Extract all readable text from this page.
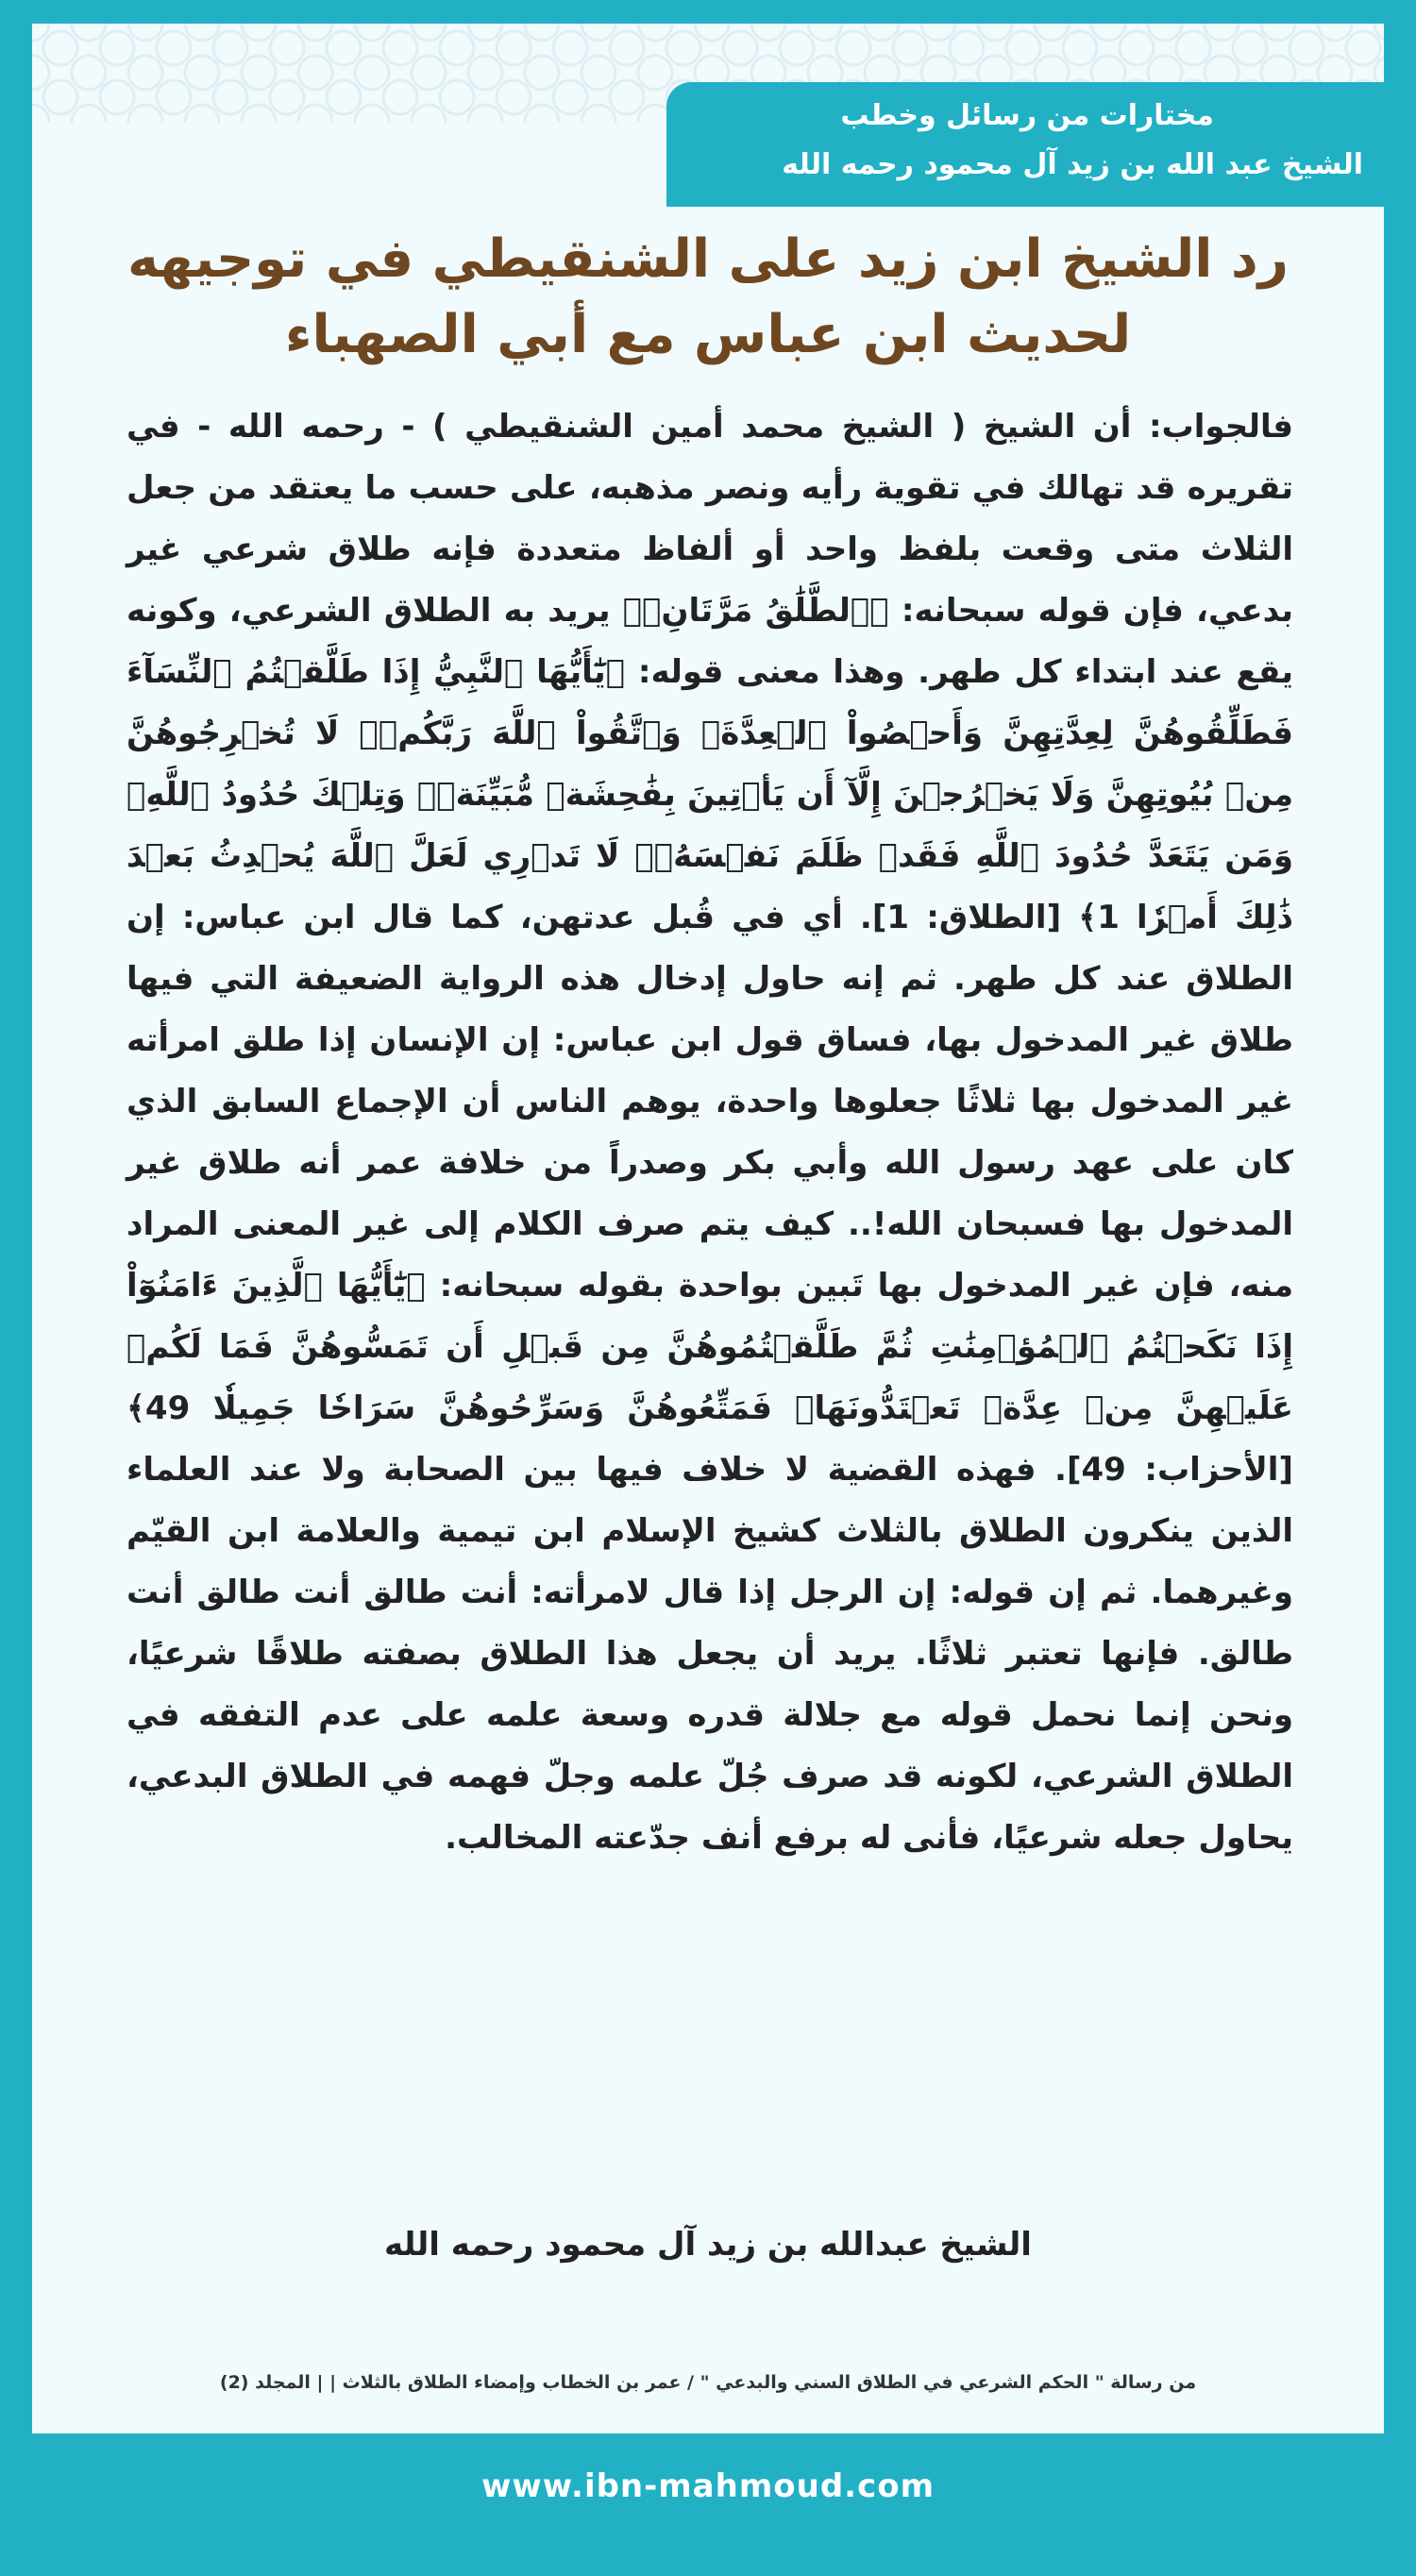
مختارات من رسائل وخطب
الشيخ عبد الله بن زيد آل محمود رحمه الله
رد الشيخ ابن زيد على الشنقيطي في توجيهه لحديث ابن عباس مع أبي الصهباء
فالجواب: أن الشيخ ( الشيخ محمد أمين الشنقيطي ) - رحمه الله - في تقريره قد تهالك في تقوية رأيه ونصر مذهبه، على حسب ما يعتقد من جعل الثلاث متى وقعت بلفظ واحد أو ألفاظ متعددة فإنه طلاق شرعي غير بدعي، فإن قوله سبحانه: ﴿ٱلطَّلَٰقُ مَرَّتَانِۖ﴾ يريد به الطلاق الشرعي، وكونه يقع عند ابتداء كل طهر. وهذا معنى قوله: ﴿يَٰٓأَيُّهَا ٱلنَّبِيُّ إِذَا طَلَّقۡتُمُ ٱلنِّسَآءَ فَطَلِّقُوهُنَّ لِعِدَّتِهِنَّ وَأَحۡصُواْ ٱلۡعِدَّةَۖ وَٱتَّقُواْ ٱللَّهَ رَبَّكُمۡۖ لَا تُخۡرِجُوهُنَّ مِنۢ بُيُوتِهِنَّ وَلَا يَخۡرُجۡنَ إِلَّآ أَن يَأۡتِينَ بِفَٰحِشَةٖ مُّبَيِّنَةٖۚ وَتِلۡكَ حُدُودُ ٱللَّهِۚ وَمَن يَتَعَدَّ حُدُودَ ٱللَّهِ فَقَدۡ ظَلَمَ نَفۡسَهُۥۚ لَا تَدۡرِي لَعَلَّ ٱللَّهَ يُحۡدِثُ بَعۡدَ ذَٰلِكَ أَمۡرٗا 1﴾ [الطلاق: 1]. أي في قُبل عدتهن، كما قال ابن عباس: إن الطلاق عند كل طهر. ثم إنه حاول إدخال هذه الرواية الضعيفة التي فيها طلاق غير المدخول بها، فساق قول ابن عباس: إن الإنسان إذا طلق امرأته غير المدخول بها ثلاثًا جعلوها واحدة، يوهم الناس أن الإجماع السابق الذي كان على عهد رسول الله وأبي بكر وصدراً من خلافة عمر أنه طلاق غير المدخول بها فسبحان الله!.. كيف يتم صرف الكلام إلى غير المعنى المراد منه، فإن غير المدخول بها تَبين بواحدة بقوله سبحانه: ﴿يَٰٓأَيُّهَا ٱلَّذِينَ ءَامَنُوٓاْ إِذَا نَكَحۡتُمُ ٱلۡمُؤۡمِنَٰتِ ثُمَّ طَلَّقۡتُمُوهُنَّ مِن قَبۡلِ أَن تَمَسُّوهُنَّ فَمَا لَكُمۡ عَلَيۡهِنَّ مِنۡ عِدَّةٖ تَعۡتَدُّونَهَاۖ فَمَتِّعُوهُنَّ وَسَرِّحُوهُنَّ سَرَاحٗا جَمِيلٗا 49﴾ [الأحزاب: 49]. فهذه القضية لا خلاف فيها بين الصحابة ولا عند العلماء الذين ينكرون الطلاق بالثلاث كشيخ الإسلام ابن تيمية والعلامة ابن القيّم وغيرهما. ثم إن قوله: إن الرجل إذا قال لامرأته: أنت طالق أنت طالق أنت طالق. فإنها تعتبر ثلاثًا. يريد أن يجعل هذا الطلاق بصفته طلاقًا شرعيًا، ونحن إنما نحمل قوله مع جلالة قدره وسعة علمه على عدم التفقه في الطلاق الشرعي، لكونه قد صرف جُلّ علمه وجلّ فهمه في الطلاق البدعي، يحاول جعله شرعيًا، فأنى له برفع أنف جدّعته المخالب.
الشيخ عبدالله بن زيد آل محمود رحمه الله
من رسالة " الحكم الشرعي في الطلاق السني والبدعي " / عمر بن الخطاب وإمضاء الطلاق بالثلاث | | المجلد (2)
www.ibn-mahmoud.com
